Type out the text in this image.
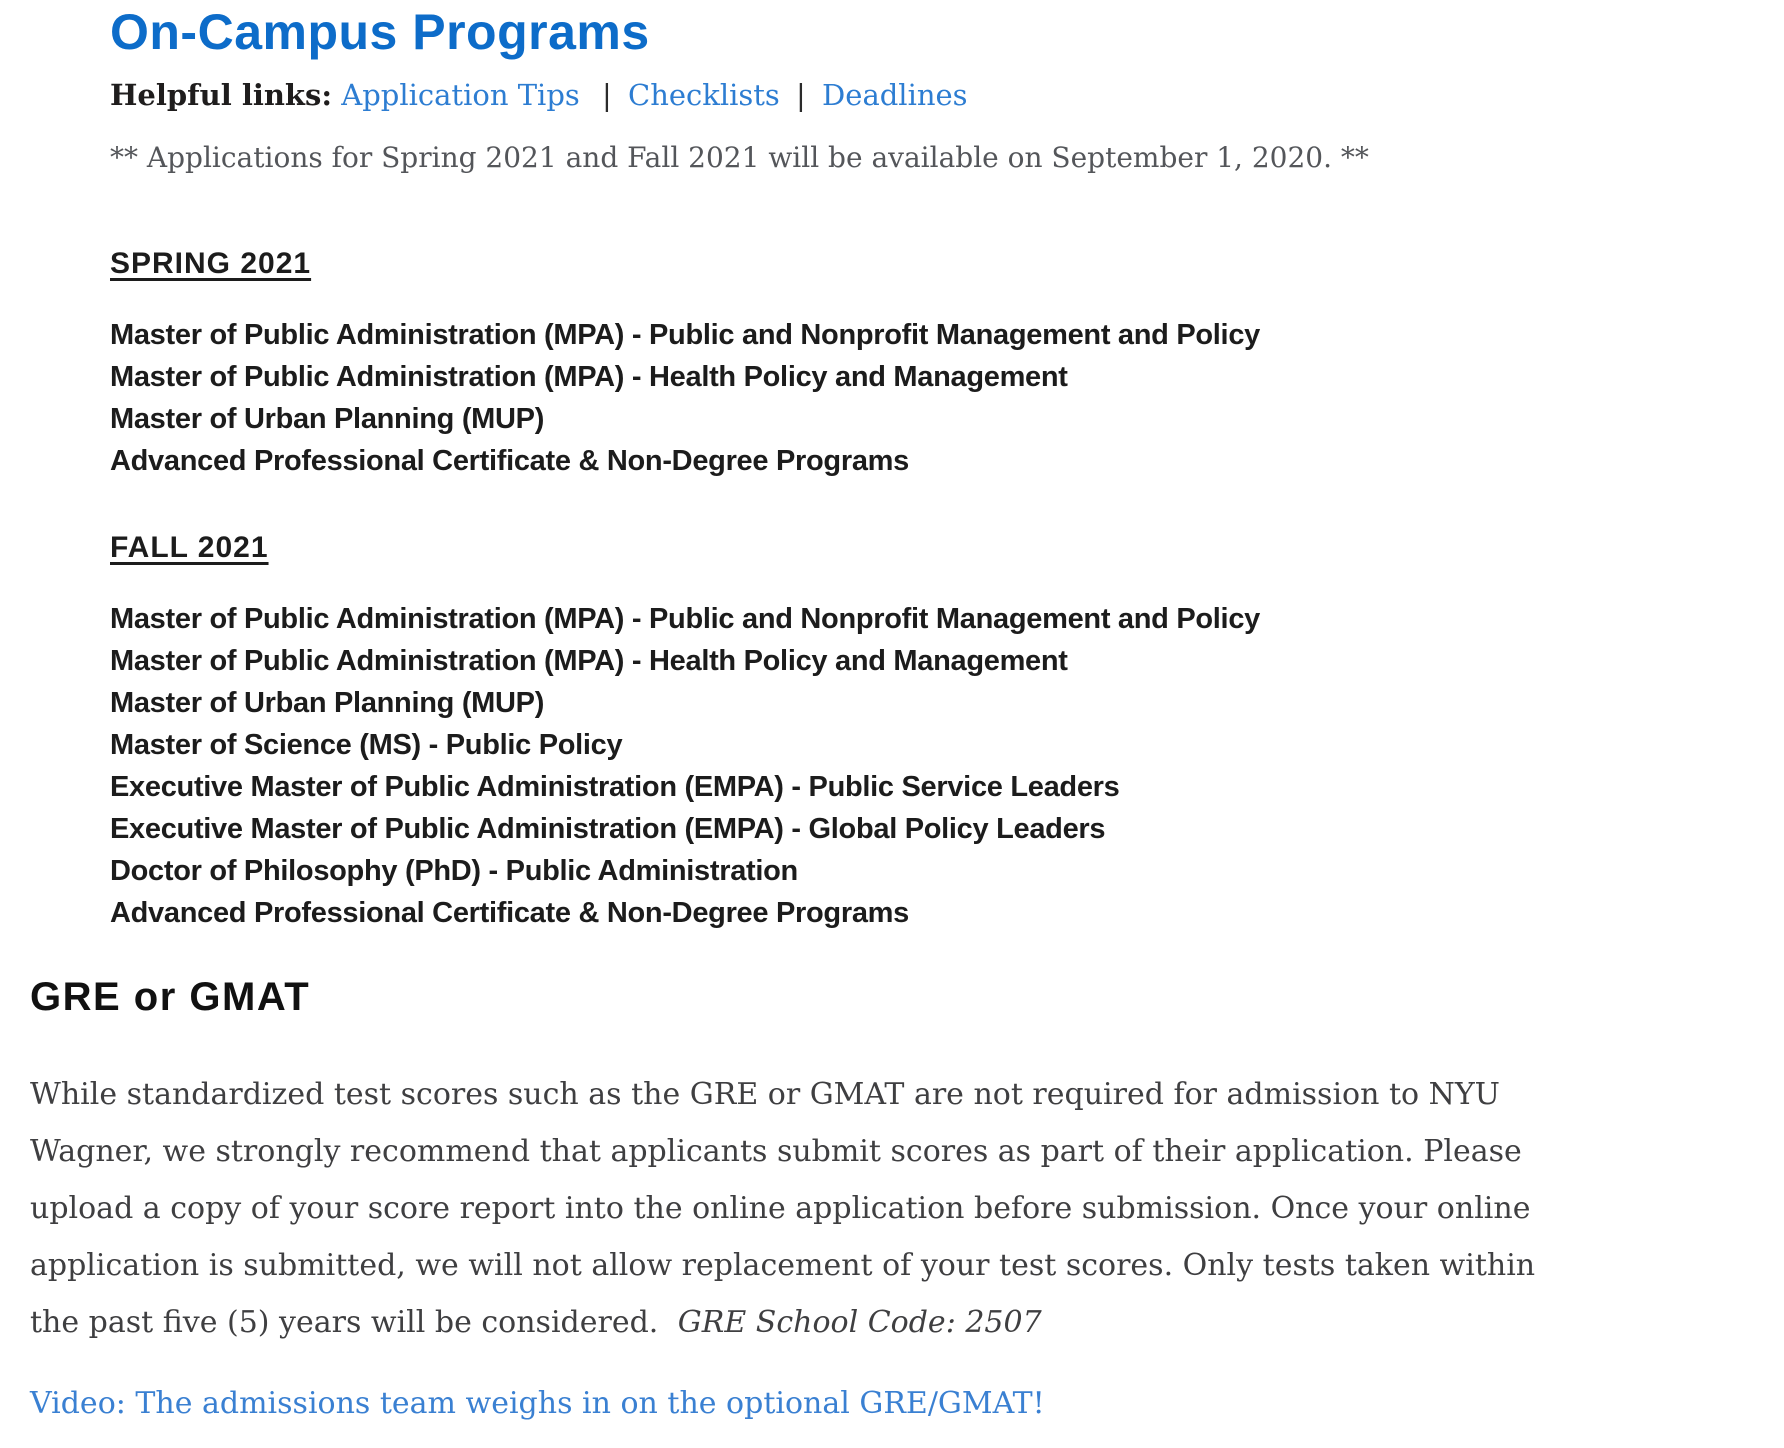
On-Campus Programs

Helpful links: Application Tips | Checklists | Deadlines

** Applications for Spring 2021 and Fall 2021 will be available on September 1, 2020. **

SPRING 2021
Master of Public Administration (MPA) - Public and Nonprofit Management and Policy
Master of Public Administration (MPA) - Health Policy and Management
Master of Urban Planning (MUP)
Advanced Professional Certificate & Non-Degree Programs
FALL 2021
Master of Public Administration (MPA) - Public and Nonprofit Management and Policy
Master of Public Administration (MPA) - Health Policy and Management
Master of Urban Planning (MUP)
Master of Science (MS) - Public Policy
Executive Master of Public Administration (EMPA) - Public Service Leaders
Executive Master of Public Administration (EMPA) - Global Policy Leaders
Doctor of Philosophy (PhD) - Public Administration
Advanced Professional Certificate & Non-Degree Programs
GRE or GMAT

While standardized test scores such as the GRE or GMAT are not required for admission to NYU Wagner, we strongly recommend that applicants submit scores as part of their application. Please upload a copy of your score report into the online application before submission. Once your online application is submitted, we will not allow replacement of your test scores. Only tests taken within the past five (5) years will be considered. GRE School Code: 2507

Video: The admissions team weighs in on the optional GRE/GMAT!
